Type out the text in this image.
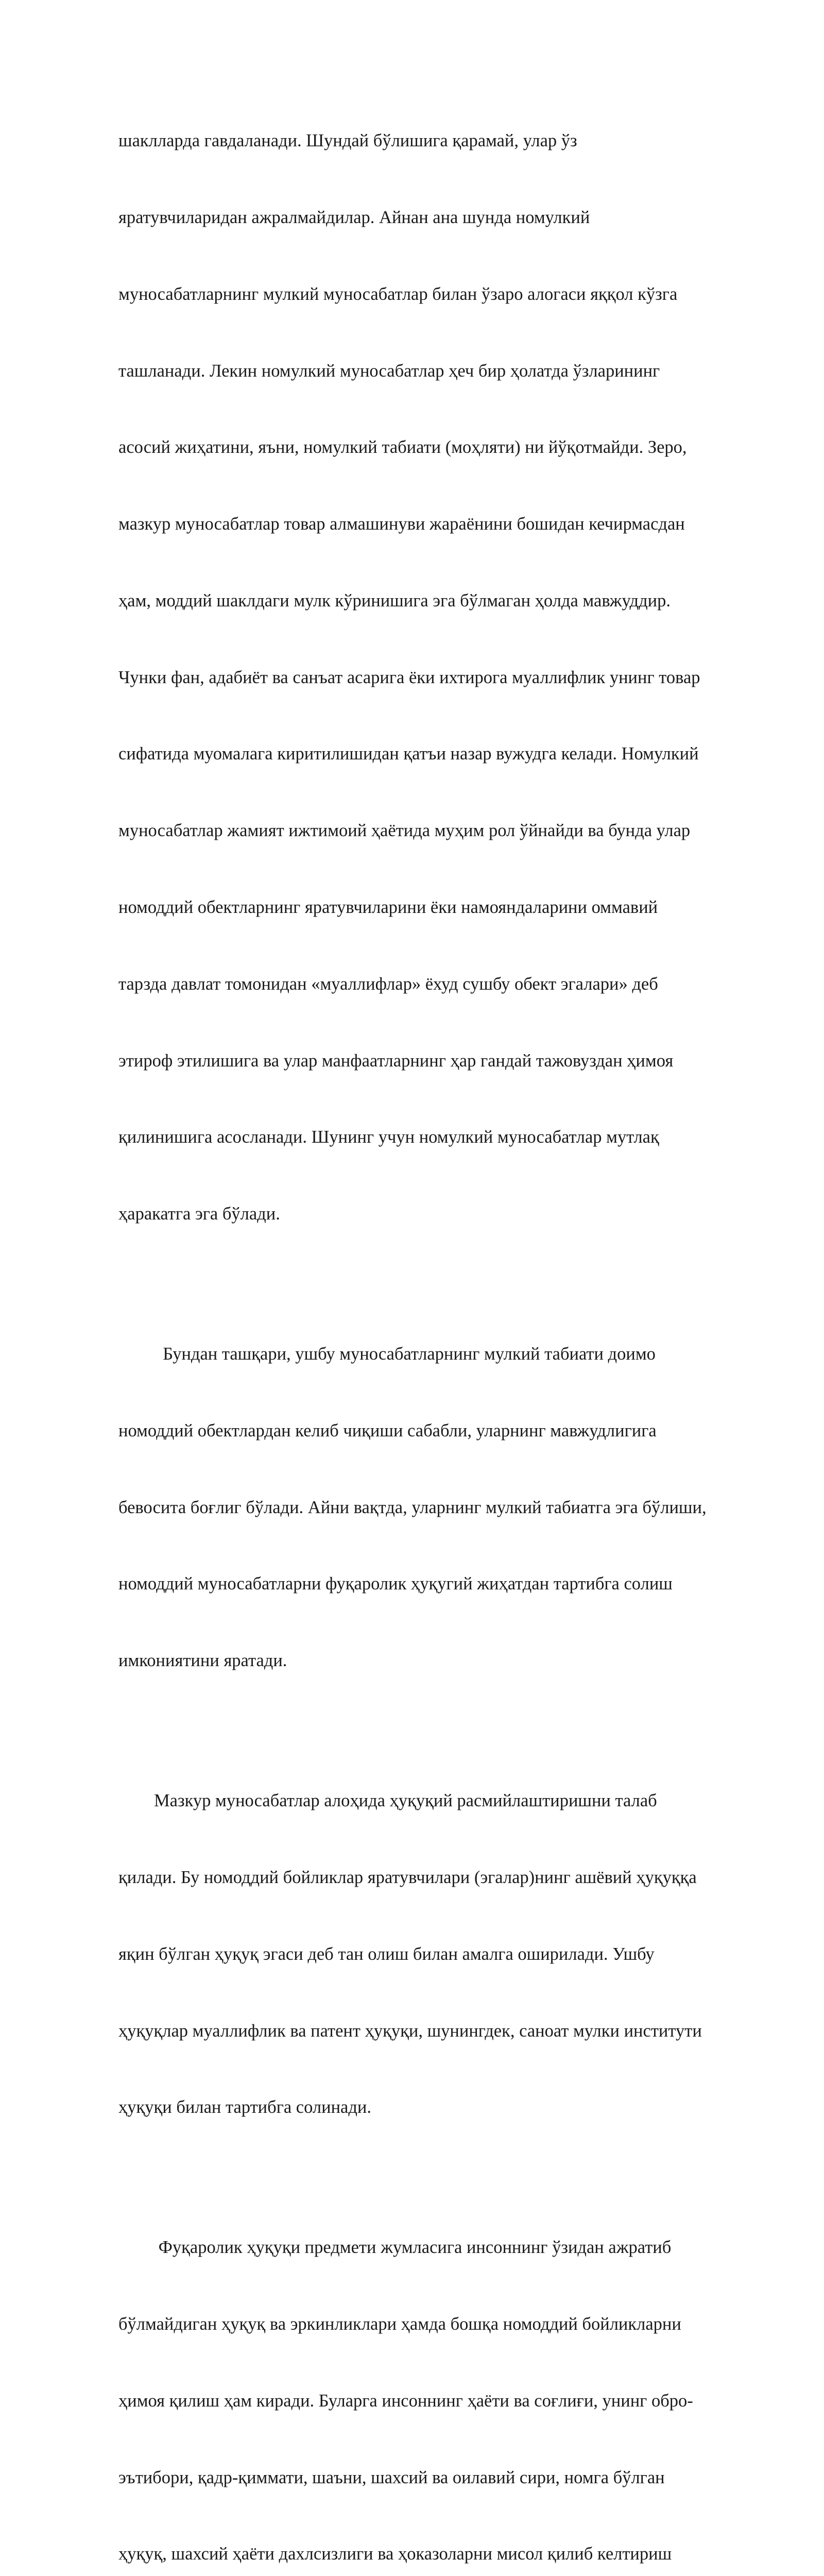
шаклларда гавдаланади. Шундай бўлишига қарамай, улар ўз

яратувчиларидан ажралмайдилар. Айнан ана шунда номулкий

муносабатларнинг мулкий муносабатлар билан ўзаро алогаси яққол кўзга

ташланади. Лекин номулкий муносабатлар ҳеч бир ҳолатда ўзларининг

асосий жиҳатини, яъни, номулкий табиати (моҳляти) ни йўқотмайди. Зеро,

мазкур муносабатлар товар алмашинуви жараёнини бошидан кечирмасдан

ҳам, моддий шаклдаги мулк кўринишига эга бўлмаган ҳолда мавжуддир.

Чунки фан, адабиёт ва санъат асарига ёки ихтирога муаллифлик унинг товар

сифатида муомалага киритилишидан қатъи назар вужудга келади. Номулкий

муносабатлар жамият ижтимоий ҳаётида муҳим рол ўйнайди ва бунда улар

номоддий обектларнинг яратувчиларини ёки намояндаларини оммавий

тарзда давлат томонидан «муаллифлар» ёхуд сушбу обект эгалари» деб

этироф этилишига ва улар манфаатларнинг ҳар гандай тажовуздан ҳимоя

қилинишига асосланади. Шунинг учун номулкий муносабатлар мутлақ

ҳаракатга эга бўлади.

Бундан ташқари, ушбу муносабатларнинг мулкий табиати доимо

номоддий обектлардан келиб чиқиши сабабли, уларнинг мавжудлигига

бевосита боғлиг бўлади. Айни вақтда, уларнинг мулкий табиатга эга бўлиши,

номоддий муносабатларни фуқаролик ҳуқугий жиҳатдан тартибга солиш

имкониятини яратади.

Мазкур муносабатлар алоҳида ҳуқуқий расмийлаштиришни талаб

қилади. Бу номоддий бойликлар яратувчилари (эгалар)нинг ашёвий ҳуқуққа

яқин бўлган ҳуқуқ эгаси деб тан олиш билан амалга оширилади. Ушбу

ҳуқуқлар муаллифлик ва патент ҳуқуқи, шунингдек, саноат мулки институти

ҳуқуқи билан тартибга солинади.

Фуқаролик ҳуқуқи предмети жумласига инсоннинг ўзидан ажратиб

бўлмайдиган ҳуқуқ ва эркинликлари ҳамда бошқа номоддий бойликларни

ҳимоя қилиш ҳам киради. Буларга инсоннинг ҳаёти ва соғлиғи, унинг обро-

эътибори, қадр-қиммати, шаъни, шахсий ва оилавий сири, номга бўлган

ҳуқуқ, шахсий ҳаёти дахлсизлиги ва ҳоказоларни мисол қилиб келтириш
